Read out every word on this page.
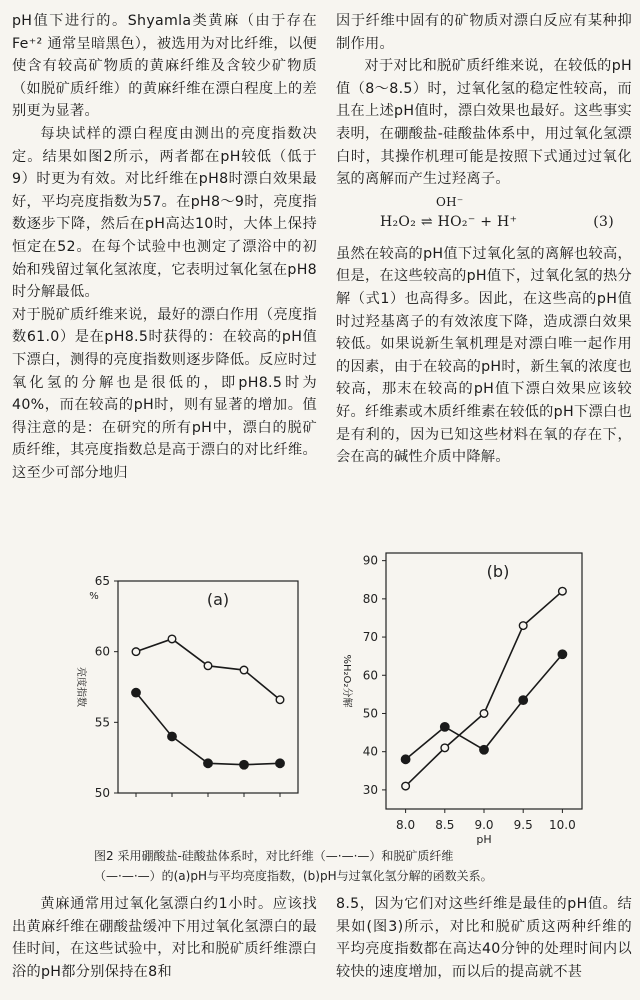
pH值下进行的。Shyamla类黄麻（由于存在Fe⁺² 通常呈暗黑色），被选用为对比纤维，以便使含有较高矿物质的黄麻纤维及含较少矿物质（如脱矿质纤维）的黄麻纤维在漂白程度上的差别更为显著。

每块试样的漂白程度由测出的亮度指数决定。结果如图2所示，两者都在pH较低（低于9）时更为有效。对比纤维在pH8时漂白效果最好，平均亮度指数为57。在pH8～9时，亮度指数逐步下降，然后在pH高达10时，大体上保持恒定在52。在每个试验中也测定了漂浴中的初始和残留过氧化氢浓度，它表明过氧化氢在pH8时分解最低。

对于脱矿质纤维来说，最好的漂白作用（亮度指数61.0）是在pH8.5时获得的：在较高的pH值下漂白，测得的亮度指数则逐步降低。反应时过氧化氢的分解也是很低的，即pH8.5时为40%，而在较高的pH时，则有显著的增加。值得注意的是：在研究的所有pH中，漂白的脱矿质纤维，其亮度指数总是高于漂白的对比纤维。这至少可部分地归

因于纤维中固有的矿物质对漂白反应有某种抑制作用。

对于对比和脱矿质纤维来说，在较低的pH值（8～8.5）时，过氧化氢的稳定性较高，而且在上述pH值时，漂白效果也最好。这些事实表明，在硼酸盐-硅酸盐体系中，用过氧化氢漂白时，其操作机理可能是按照下式通过过氧化氢的离解而产生过羟离子。

OH⁻
H₂O₂ ⇌ HO₂⁻ + H⁺	(3)

虽然在较高的pH值下过氧化氢的离解也较高，但是，在这些较高的pH值下，过氧化氢的热分解（式1）也高得多。因此，在这些高的pH值时过羟基离子的有效浓度下降，造成漂白效果较低。如果说新生氧机理是对漂白唯一起作用的因素，由于在较高的pH时，新生氧的浓度也较高，那末在较高的pH值下漂白效果应该较好。纤维素或木质纤维素在较低的pH下漂白也是有利的，因为已知这些材料在氧的存在下，会在高的碱性介质中降解。

50
55
60
65
(a)
亮度指数
%
30
40
50
60
70
80
90
8.0 8.5 9.0 9.5 10.0
pH
(b)
%H₂O₂分解
图2 采用硼酸盐-硅酸盐体系时，对比纤维（—·—·—）和脱矿质纤维
（—·—·—）的(a)pH与平均亮度指数，(b)pH与过氧化氢分解的函数关系。

黄麻通常用过氧化氢漂白约1小时。应该找出黄麻纤维在硼酸盐缓冲下用过氧化氢漂白的最佳时间，在这些试验中，对比和脱矿质纤维漂白浴的pH都分别保持在8和

8.5，因为它们对这些纤维是最佳的pH值。结果如(图3)所示，对比和脱矿质这两种纤维的平均亮度指数都在高达40分钟的处理时间内以较快的速度增加，而以后的提高就不甚
